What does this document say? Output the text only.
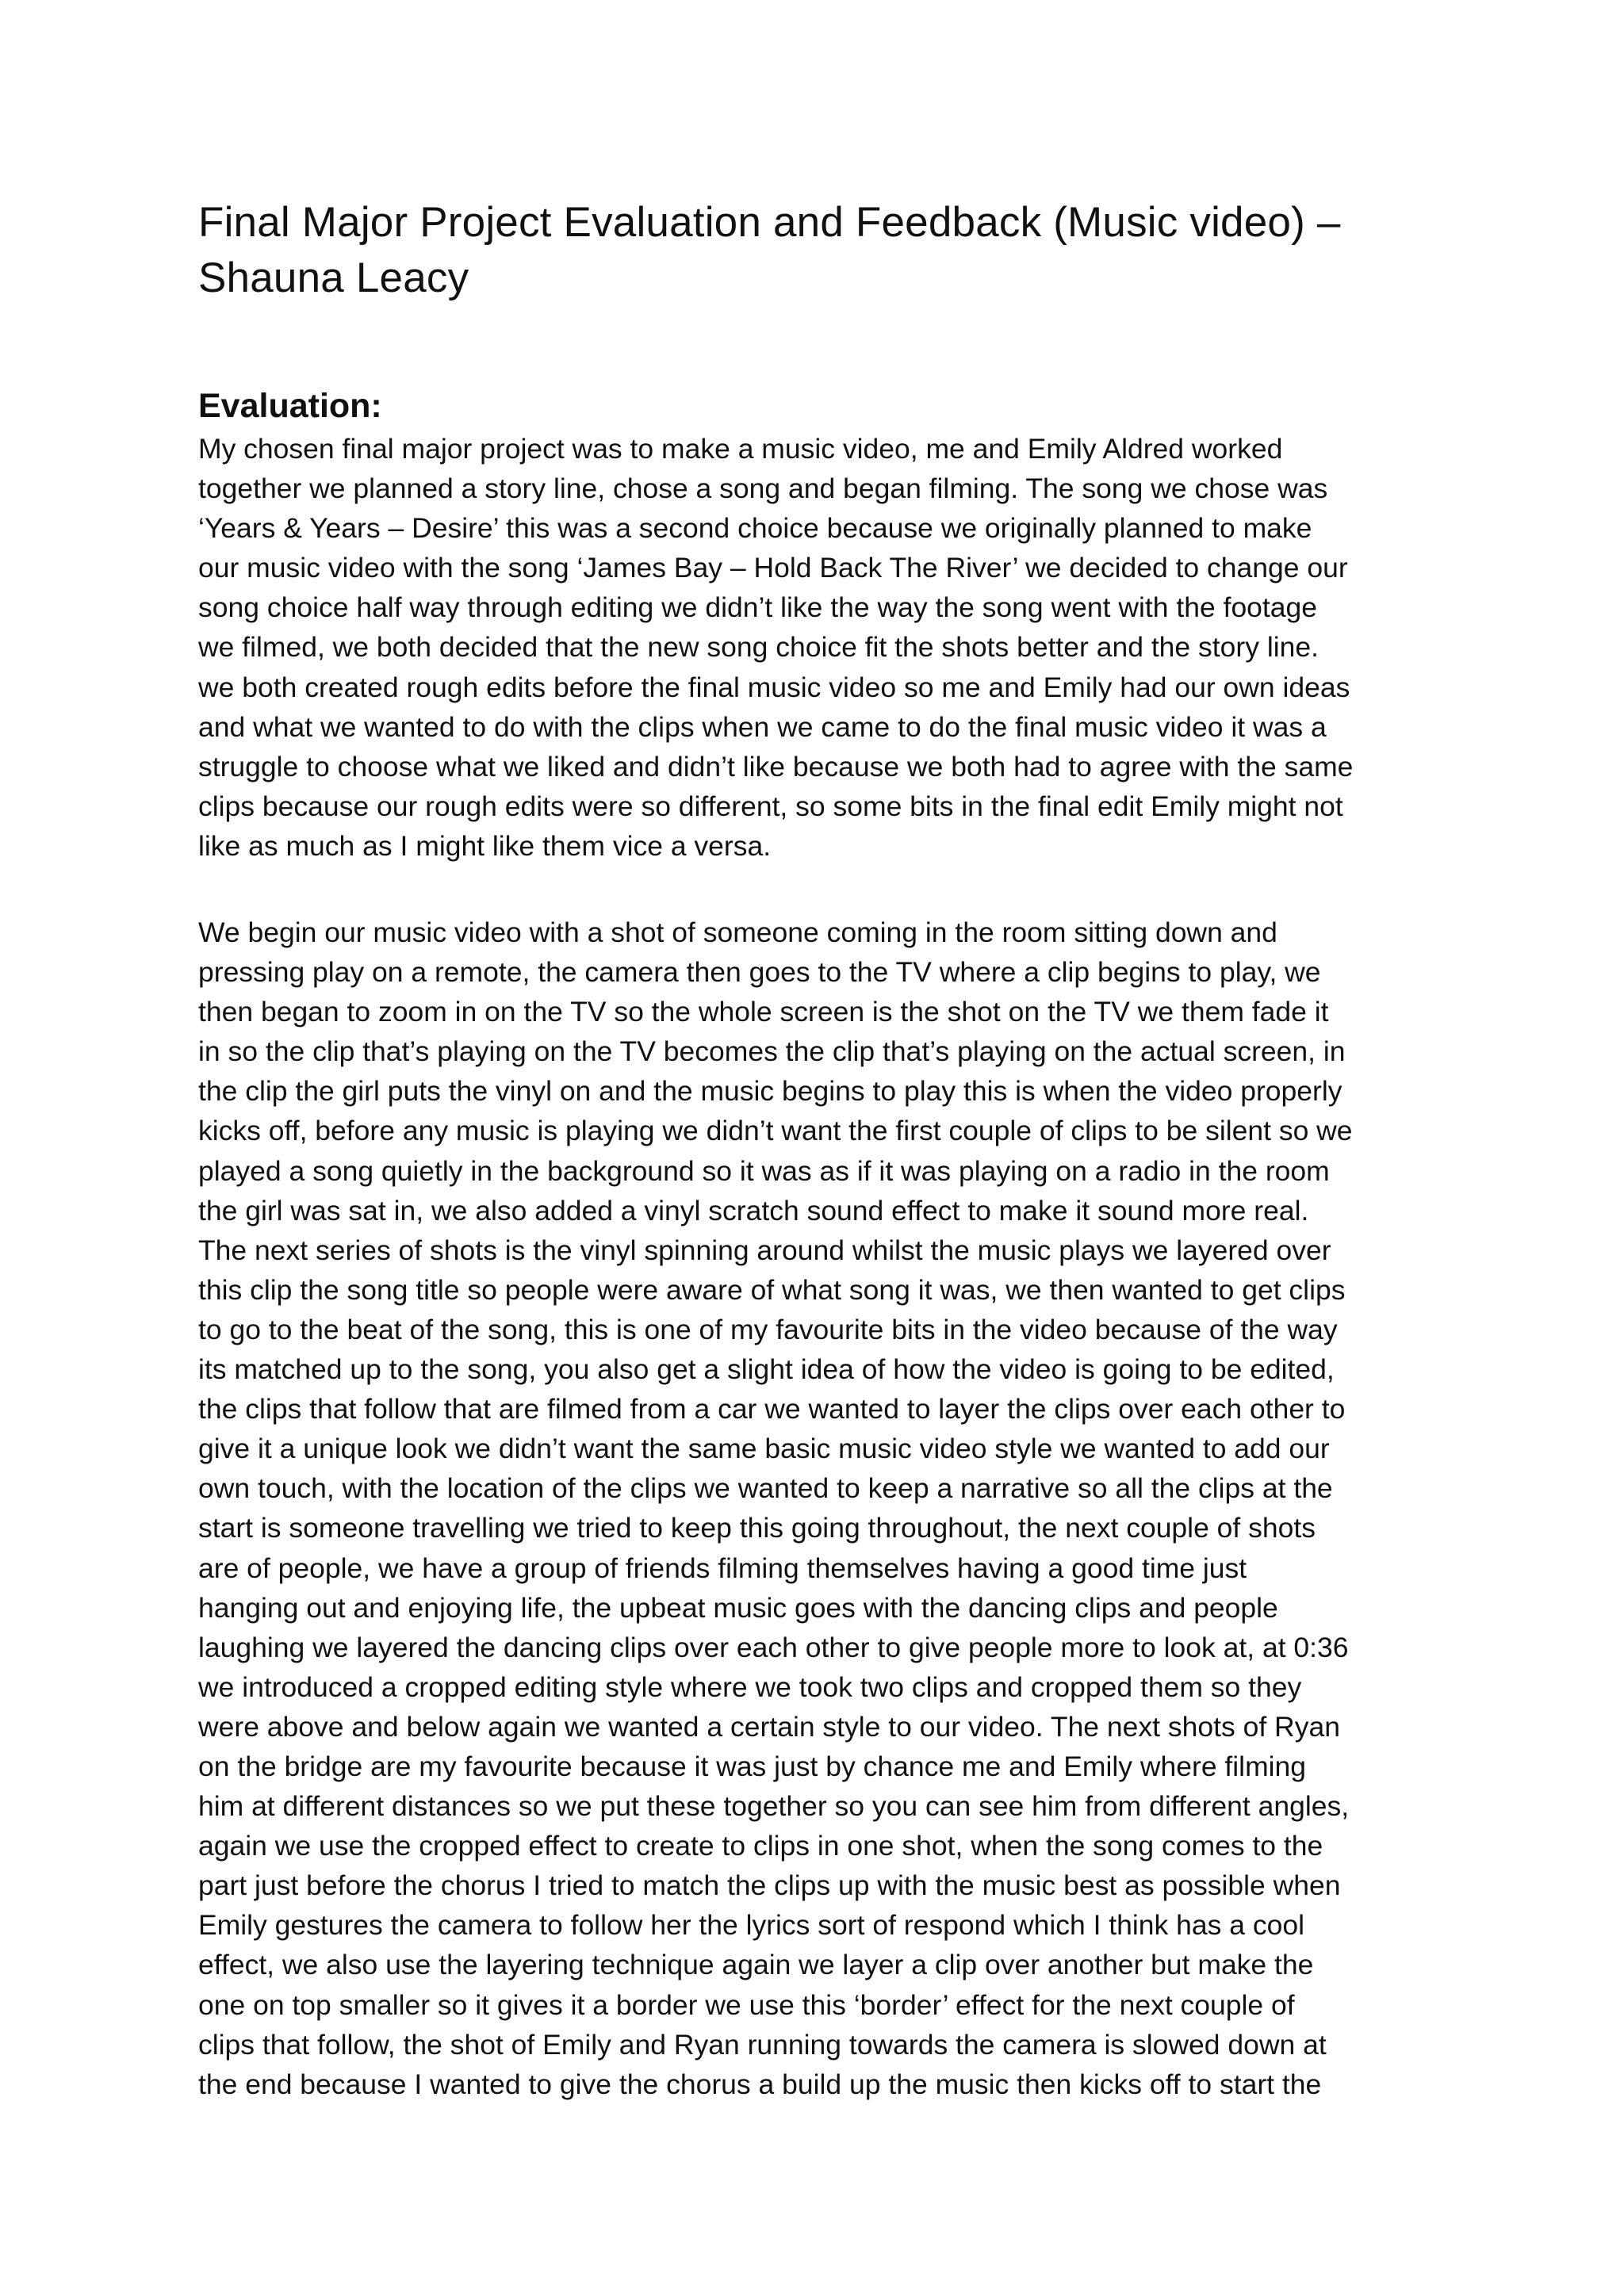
Final Major Project Evaluation and Feedback (Music video) –
Shauna Leacy
Evaluation:

My chosen final major project was to make a music video, me and Emily Aldred worked
together we planned a story line, chose a song and began filming. The song we chose was
‘Years & Years – Desire’ this was a second choice because we originally planned to make
our music video with the song ‘James Bay – Hold Back The River’ we decided to change our
song choice half way through editing we didn’t like the way the song went with the footage
we filmed, we both decided that the new song choice fit the shots better and the story line.
we both created rough edits before the final music video so me and Emily had our own ideas
and what we wanted to do with the clips when we came to do the final music video it was a
struggle to choose what we liked and didn’t like because we both had to agree with the same
clips because our rough edits were so different, so some bits in the final edit Emily might not
like as much as I might like them vice a versa.

We begin our music video with a shot of someone coming in the room sitting down and
pressing play on a remote, the camera then goes to the TV where a clip begins to play, we
then began to zoom in on the TV so the whole screen is the shot on the TV we them fade it
in so the clip that’s playing on the TV becomes the clip that’s playing on the actual screen, in
the clip the girl puts the vinyl on and the music begins to play this is when the video properly
kicks off, before any music is playing we didn’t want the first couple of clips to be silent so we
played a song quietly in the background so it was as if it was playing on a radio in the room
the girl was sat in, we also added a vinyl scratch sound effect to make it sound more real.
The next series of shots is the vinyl spinning around whilst the music plays we layered over
this clip the song title so people were aware of what song it was, we then wanted to get clips
to go to the beat of the song, this is one of my favourite bits in the video because of the way
its matched up to the song, you also get a slight idea of how the video is going to be edited,
the clips that follow that are filmed from a car we wanted to layer the clips over each other to
give it a unique look we didn’t want the same basic music video style we wanted to add our
own touch, with the location of the clips we wanted to keep a narrative so all the clips at the
start is someone travelling we tried to keep this going throughout, the next couple of shots
are of people, we have a group of friends filming themselves having a good time just
hanging out and enjoying life, the upbeat music goes with the dancing clips and people
laughing we layered the dancing clips over each other to give people more to look at, at 0:36
we introduced a cropped editing style where we took two clips and cropped them so they
were above and below again we wanted a certain style to our video. The next shots of Ryan
on the bridge are my favourite because it was just by chance me and Emily where filming
him at different distances so we put these together so you can see him from different angles,
again we use the cropped effect to create to clips in one shot, when the song comes to the
part just before the chorus I tried to match the clips up with the music best as possible when
Emily gestures the camera to follow her the lyrics sort of respond which I think has a cool
effect, we also use the layering technique again we layer a clip over another but make the
one on top smaller so it gives it a border we use this ‘border’ effect for the next couple of
clips that follow, the shot of Emily and Ryan running towards the camera is slowed down at
the end because I wanted to give the chorus a build up the music then kicks off to start the
